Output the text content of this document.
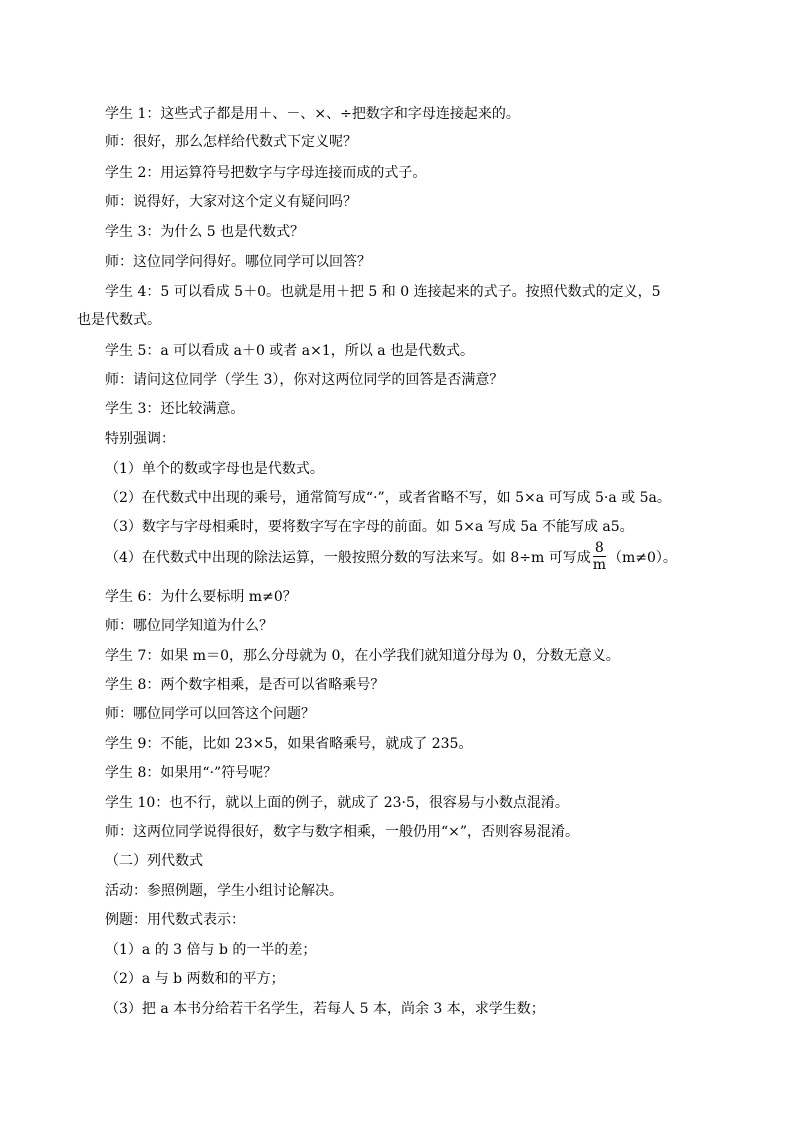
学生 1：这些式子都是用＋、－、×、÷把数字和字母连接起来的。
师：很好，那么怎样给代数式下定义呢？
学生 2：用运算符号把数字与字母连接而成的式子。
师：说得好，大家对这个定义有疑问吗？
学生 3：为什么 5 也是代数式？
师：这位同学问得好。哪位同学可以回答？
学生 4：5 可以看成 5＋0。也就是用＋把 5 和 0 连接起来的式子。按照代数式的定义，5
也是代数式。
学生 5：a 可以看成 a＋0 或者 a×1，所以 a 也是代数式。
师：请问这位同学（学生 3），你对这两位同学的回答是否满意？
学生 3：还比较满意。
特别强调：
（1）单个的数或字母也是代数式。
（2）在代数式中出现的乘号，通常简写成“·”，或者省略不写，如 5×a 可写成 5·a 或 5a。
（3）数字与字母相乘时，要将数字写在字母的前面。如 5×a 写成 5a 不能写成 a5。
（4）在代数式中出现的除法运算，一般按照分数的写法来写。如 8÷m 可写成 $\frac{8}{m} (m\ne 0)$。
学生 6：为什么要标明 m≠0？
师：哪位同学知道为什么？
学生 7：如果 m＝0，那么分母就为 0，在小学我们就知道分母为 0，分数无意义。
学生 8：两个数字相乘，是否可以省略乘号？
师：哪位同学可以回答这个问题？
学生 9：不能，比如 23×5，如果省略乘号，就成了 235。
学生 8：如果用“·”符号呢？
学生 10：也不行，就以上面的例子，就成了 23·5，很容易与小数点混淆。
师：这两位同学说得很好，数字与数字相乘，一般仍用“×”，否则容易混淆。
（二）列代数式
活动：参照例题，学生小组讨论解决。
例题：用代数式表示：
（1）a 的 3 倍与 b 的一半的差；
（2）a 与 b 两数和的平方；
（3）把 a 本书分给若干名学生，若每人 5 本，尚余 3 本，求学生数；
